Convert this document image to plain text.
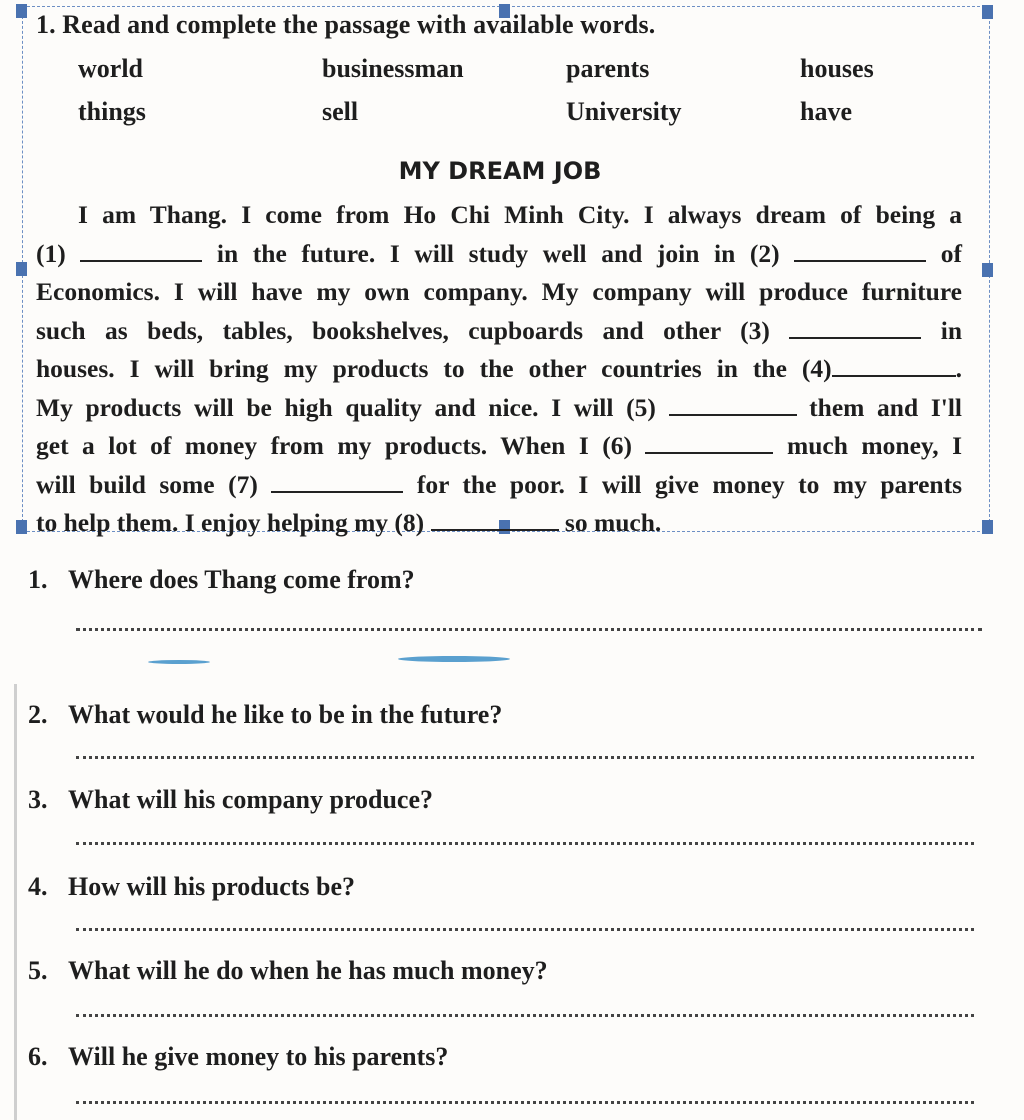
1. Read and complete the passage with available words.
world	businessman	parents	houses
things	sell	University	have
MY DREAM JOB
I am Thang. I come from Ho Chi Minh City. I always dream of being a
(1)	in the future. I will study well and join in (2)	of
Economics. I will have my own company. My company will produce furniture
such as beds, tables, bookshelves, cupboards and other (3)	in
houses. I will bring my products to the other countries in the (4)	.
My products will be high quality and nice. I will (5)	them and I'll
get a lot of money from my products. When I (6)	much money, I
will build some (7)	for the poor. I will give money to my parents
to help them. I enjoy helping my (8)	so much.
1. Where does Thang come from?
2. What would he like to be in the future?
3. What will his company produce?
4. How will his products be?
5. What will he do when he has much money?
6. Will he give money to his parents?
